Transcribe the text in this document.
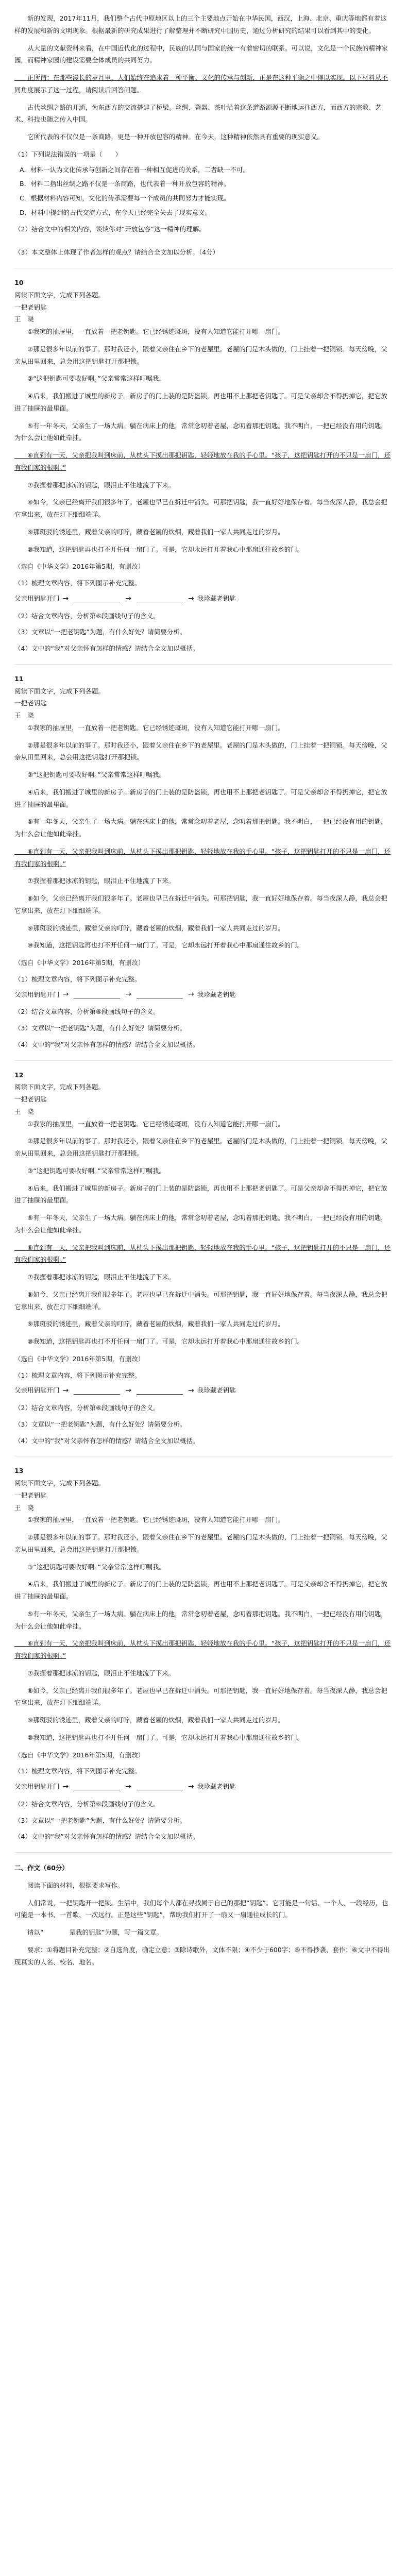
　　新的发现，2017年11月，我们整个古代中原地区以上的三个主要地点开始在中华民国，西汉，上海、北京、重庆等地都有着这样的发展和新的文明现象。根据最新的研究成果进行了解整理并不断研究中国历史，通过分析研究的结果可以看到其中的变化。

　　从大量的文献资料来看，在中国近代化的过程中，民族的认同与国家的统一有着密切的联系。可以说，文化是一个民族的精神家园，而精神家园的建设需要全体成员的共同努力。

　　正所谓：在那些漫长的岁月里，人们始终在追求着一种平衡。文化的传承与创新，正是在这种平衡之中得以实现。以下材料从不同角度展示了这一过程，请阅读后回答问题。

　　古代丝绸之路的开通，为东西方的交流搭建了桥梁。丝绸、瓷器、茶叶沿着这条道路源源不断地运往西方，而西方的宗教、艺术、科技也随之传入中国。

　　它所代表的不仅仅是一条商路，更是一种开放包容的精神。在今天，这种精神依然具有重要的现实意义。

（1）下列说法错误的一项是（　　）
A．材料一认为文化传承与创新之间存在着一种相互促进的关系，二者缺一不可。
B．材料二指出丝绸之路不仅是一条商路，也代表着一种开放包容的精神。
C．根据材料内容可知，文化的传承需要每一个成员的共同努力才能实现。
D．材料中提到的古代交流方式，在今天已经完全失去了现实意义。
（2）结合文中的相关内容，谈谈你对“开放包容”这一精神的理解。
（3）本文整体上体现了作者怎样的观点？请结合全文加以分析。（4分）
10
阅读下面文字，完成下列各题。
一把老钥匙
王　晓

　　①我家的抽屉里，一直放着一把老钥匙。它已经锈迹斑斑，没有人知道它能打开哪一扇门。

　　②那是很多年以前的事了。那时我还小，跟着父亲住在乡下的老屋里。老屋的门是木头做的，门上挂着一把铜锁。每天傍晚，父亲从田里回来，总会用这把钥匙打开那把锁。

　　③“这把钥匙可要收好啊。”父亲常常这样叮嘱我。

　　④后来，我们搬进了城里的新房子。新房子的门上装的是防盗锁，再也用不上那把老钥匙了。可是父亲却舍不得扔掉它，把它放进了抽屉的最里面。

　　⑤有一年冬天，父亲生了一场大病。躺在病床上的他，常常念叨着老屋，念叨着那把钥匙。我不明白，一把已经没有用的钥匙，为什么会让他如此牵挂。

　　⑥直到有一天，父亲把我叫到床前，从枕头下摸出那把钥匙，轻轻地放在我的手心里。“孩子，这把钥匙打开的不只是一扇门，还有我们家的根啊。”

　　⑦我握着那把冰凉的钥匙，眼泪止不住地流了下来。

　　⑧如今，父亲已经离开我们很多年了。老屋也早已在拆迁中消失。可那把钥匙，我一直好好地保存着。每当夜深人静，我总会把它拿出来，放在灯下细细端详。

　　⑨那斑驳的锈迹里，藏着父亲的叮咛，藏着老屋的炊烟，藏着我们一家人共同走过的岁月。

　　⑩我知道，这把钥匙再也打不开任何一扇门了。可是，它却永远打开着我心中那扇通往故乡的门。

（选自《中华文学》2016年第5期，有删改）
（1）梳理文章内容，将下列图示补充完整。
父亲用钥匙开门 →	→	→ 我珍藏老钥匙
（2）结合文章内容，分析第⑥段画线句子的含义。
（3）文章以“一把老钥匙”为题，有什么好处？请简要分析。
（4）文中的“我”对父亲怀有怎样的情感？请结合全文加以概括。
11
阅读下面文字，完成下列各题。
一把老钥匙
王　晓

　　①我家的抽屉里，一直放着一把老钥匙。它已经锈迹斑斑，没有人知道它能打开哪一扇门。

　　②那是很多年以前的事了。那时我还小，跟着父亲住在乡下的老屋里。老屋的门是木头做的，门上挂着一把铜锁。每天傍晚，父亲从田里回来，总会用这把钥匙打开那把锁。

　　③“这把钥匙可要收好啊。”父亲常常这样叮嘱我。

　　④后来，我们搬进了城里的新房子。新房子的门上装的是防盗锁，再也用不上那把老钥匙了。可是父亲却舍不得扔掉它，把它放进了抽屉的最里面。

　　⑤有一年冬天，父亲生了一场大病。躺在病床上的他，常常念叨着老屋，念叨着那把钥匙。我不明白，一把已经没有用的钥匙，为什么会让他如此牵挂。

　　⑥直到有一天，父亲把我叫到床前，从枕头下摸出那把钥匙，轻轻地放在我的手心里。“孩子，这把钥匙打开的不只是一扇门，还有我们家的根啊。”

　　⑦我握着那把冰凉的钥匙，眼泪止不住地流了下来。

　　⑧如今，父亲已经离开我们很多年了。老屋也早已在拆迁中消失。可那把钥匙，我一直好好地保存着。每当夜深人静，我总会把它拿出来，放在灯下细细端详。

　　⑨那斑驳的锈迹里，藏着父亲的叮咛，藏着老屋的炊烟，藏着我们一家人共同走过的岁月。

　　⑩我知道，这把钥匙再也打不开任何一扇门了。可是，它却永远打开着我心中那扇通往故乡的门。

（选自《中华文学》2016年第5期，有删改）
（1）梳理文章内容，将下列图示补充完整。
父亲用钥匙开门 →	→	→ 我珍藏老钥匙
（2）结合文章内容，分析第⑥段画线句子的含义。
（3）文章以“一把老钥匙”为题，有什么好处？请简要分析。
（4）文中的“我”对父亲怀有怎样的情感？请结合全文加以概括。
12
阅读下面文字，完成下列各题。
一把老钥匙
王　晓

　　①我家的抽屉里，一直放着一把老钥匙。它已经锈迹斑斑，没有人知道它能打开哪一扇门。

　　②那是很多年以前的事了。那时我还小，跟着父亲住在乡下的老屋里。老屋的门是木头做的，门上挂着一把铜锁。每天傍晚，父亲从田里回来，总会用这把钥匙打开那把锁。

　　③“这把钥匙可要收好啊。”父亲常常这样叮嘱我。

　　④后来，我们搬进了城里的新房子。新房子的门上装的是防盗锁，再也用不上那把老钥匙了。可是父亲却舍不得扔掉它，把它放进了抽屉的最里面。

　　⑤有一年冬天，父亲生了一场大病。躺在病床上的他，常常念叨着老屋，念叨着那把钥匙。我不明白，一把已经没有用的钥匙，为什么会让他如此牵挂。

　　⑥直到有一天，父亲把我叫到床前，从枕头下摸出那把钥匙，轻轻地放在我的手心里。“孩子，这把钥匙打开的不只是一扇门，还有我们家的根啊。”

　　⑦我握着那把冰凉的钥匙，眼泪止不住地流了下来。

　　⑧如今，父亲已经离开我们很多年了。老屋也早已在拆迁中消失。可那把钥匙，我一直好好地保存着。每当夜深人静，我总会把它拿出来，放在灯下细细端详。

　　⑨那斑驳的锈迹里，藏着父亲的叮咛，藏着老屋的炊烟，藏着我们一家人共同走过的岁月。

　　⑩我知道，这把钥匙再也打不开任何一扇门了。可是，它却永远打开着我心中那扇通往故乡的门。

（选自《中华文学》2016年第5期，有删改）
（1）梳理文章内容，将下列图示补充完整。
父亲用钥匙开门 →	→	→ 我珍藏老钥匙
（2）结合文章内容，分析第⑥段画线句子的含义。
（3）文章以“一把老钥匙”为题，有什么好处？请简要分析。
（4）文中的“我”对父亲怀有怎样的情感？请结合全文加以概括。
13
阅读下面文字，完成下列各题。
一把老钥匙
王　晓

　　①我家的抽屉里，一直放着一把老钥匙。它已经锈迹斑斑，没有人知道它能打开哪一扇门。

　　②那是很多年以前的事了。那时我还小，跟着父亲住在乡下的老屋里。老屋的门是木头做的，门上挂着一把铜锁。每天傍晚，父亲从田里回来，总会用这把钥匙打开那把锁。

　　③“这把钥匙可要收好啊。”父亲常常这样叮嘱我。

　　④后来，我们搬进了城里的新房子。新房子的门上装的是防盗锁，再也用不上那把老钥匙了。可是父亲却舍不得扔掉它，把它放进了抽屉的最里面。

　　⑤有一年冬天，父亲生了一场大病。躺在病床上的他，常常念叨着老屋，念叨着那把钥匙。我不明白，一把已经没有用的钥匙，为什么会让他如此牵挂。

　　⑥直到有一天，父亲把我叫到床前，从枕头下摸出那把钥匙，轻轻地放在我的手心里。“孩子，这把钥匙打开的不只是一扇门，还有我们家的根啊。”

　　⑦我握着那把冰凉的钥匙，眼泪止不住地流了下来。

　　⑧如今，父亲已经离开我们很多年了。老屋也早已在拆迁中消失。可那把钥匙，我一直好好地保存着。每当夜深人静，我总会把它拿出来，放在灯下细细端详。

　　⑨那斑驳的锈迹里，藏着父亲的叮咛，藏着老屋的炊烟，藏着我们一家人共同走过的岁月。

　　⑩我知道，这把钥匙再也打不开任何一扇门了。可是，它却永远打开着我心中那扇通往故乡的门。

（选自《中华文学》2016年第5期，有删改）
（1）梳理文章内容，将下列图示补充完整。
父亲用钥匙开门 →	→	→ 我珍藏老钥匙
（2）结合文章内容，分析第⑥段画线句子的含义。
（3）文章以“一把老钥匙”为题，有什么好处？请简要分析。
（4）文中的“我”对父亲怀有怎样的情感？请结合全文加以概括。
二、作文（60分）

　　阅读下面的材料，根据要求写作。

　　人们常说，一把钥匙开一把锁。生活中，我们每个人都在寻找属于自己的那把“钥匙”。它可能是一句话、一个人、一段经历，也可能是一本书、一首歌、一次远行。正是这些“钥匙”，帮助我们打开了一扇又一扇通往成长的门。

　　请以“　　　　是我的钥匙”为题，写一篇文章。

　　要求：①将题目补充完整；②自选角度，确定立意；③除诗歌外，文体不限；④不少于600字；⑤不得抄袭、套作；⑥文中不得出现真实的人名、校名、地名。
